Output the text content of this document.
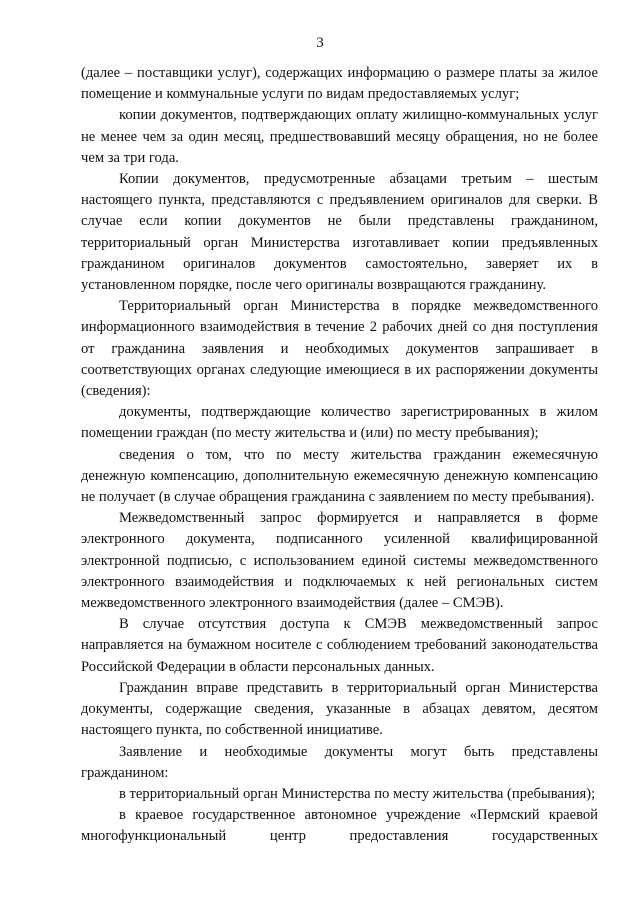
3

(далее – поставщики услуг), содержащих информацию о размере платы за жилое помещение и коммунальные услуги по видам предоставляемых услуг;

копии документов, подтверждающих оплату жилищно-коммунальных услуг не менее чем за один месяц, предшествовавший месяцу обращения, но не более чем за три года.

Копии документов, предусмотренные абзацами третьим – шестым настоящего пункта, представляются с предъявлением оригиналов для сверки. В случае если копии документов не были представлены гражданином, территориальный орган Министерства изготавливает копии предъявленных гражданином оригиналов документов самостоятельно, заверяет их в установленном порядке, после чего оригиналы возвращаются гражданину.

Территориальный орган Министерства в порядке межведомственного информационного взаимодействия в течение 2 рабочих дней со дня поступления от гражданина заявления и необходимых документов запрашивает в соответствующих органах следующие имеющиеся в их распоряжении документы (сведения):

документы, подтверждающие количество зарегистрированных в жилом помещении граждан (по месту жительства и (или) по месту пребывания);

сведения о том, что по месту жительства гражданин ежемесячную денежную компенсацию, дополнительную ежемесячную денежную компенсацию не получает (в случае обращения гражданина с заявлением по месту пребывания).

Межведомственный запрос формируется и направляется в форме электронного документа, подписанного усиленной квалифицированной электронной подписью, с использованием единой системы межведомственного электронного взаимодействия и подключаемых к ней региональных систем межведомственного электронного взаимодействия (далее – СМЭВ).

В случае отсутствия доступа к СМЭВ межведомственный запрос направляется на бумажном носителе с соблюдением требований законодательства Российской Федерации в области персональных данных.

Гражданин вправе представить в территориальный орган Министерства документы, содержащие сведения, указанные в абзацах девятом, десятом настоящего пункта, по собственной инициативе.

Заявление и необходимые документы могут быть представлены гражданином:

в территориальный орган Министерства по месту жительства (пребывания);

в краевое государственное автономное учреждение «Пермский краевой многофункциональный центр предоставления государственных
